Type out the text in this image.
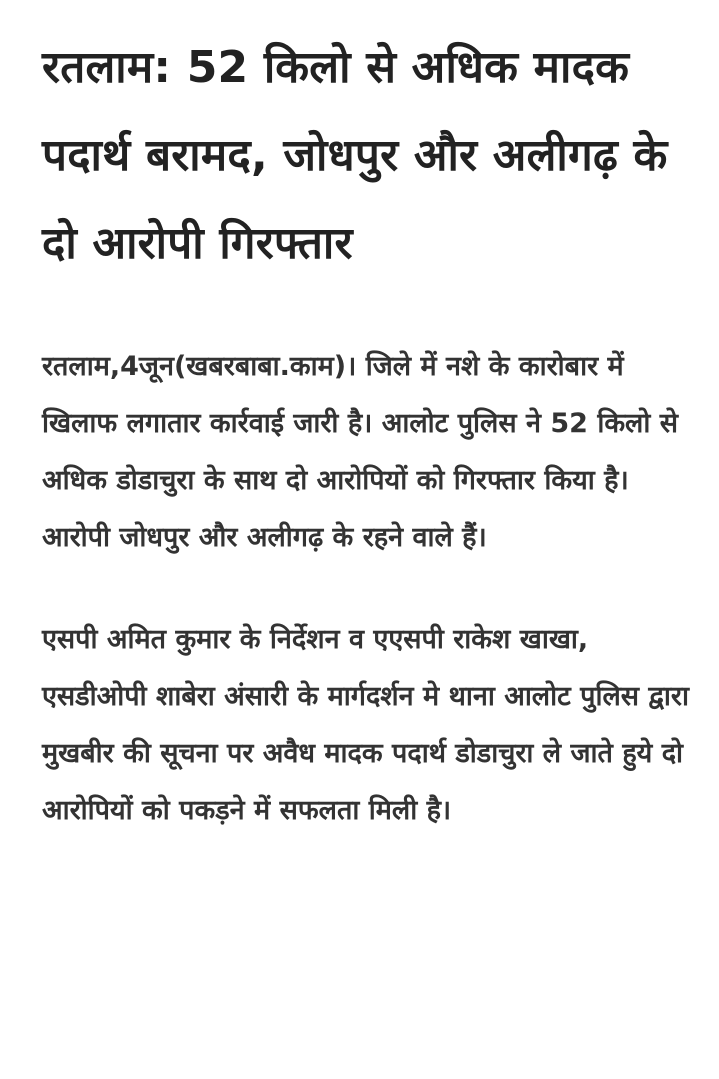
रतलाम: 52 किलो से अधिक मादक पदार्थ बरामद, जोधपुर और अलीगढ़ के दो आरोपी गिरफ्तार

रतलाम,4जून(खबरबाबा.काम)। जिले में नशे के कारोबार में खिलाफ लगातार कार्रवाई जारी है। आलोट पुलिस ने 52 किलो से अधिक डोडाचुरा के साथ दो आरोपियों को गिरफ्तार किया है।आरोपी जोधपुर और अलीगढ़ के रहने वाले हैं।

एसपी अमित कुमार के निर्देशन व एएसपी राकेश खाखा, एसडीओपी शाबेरा अंसारी के मार्गदर्शन मे थाना आलोट पुलिस द्वारा मुखबीर की सूचना पर अवैध मादक पदार्थ डोडाचुरा ले जाते हुये दो आरोपियों को पकड़ने में सफलता मिली है।
